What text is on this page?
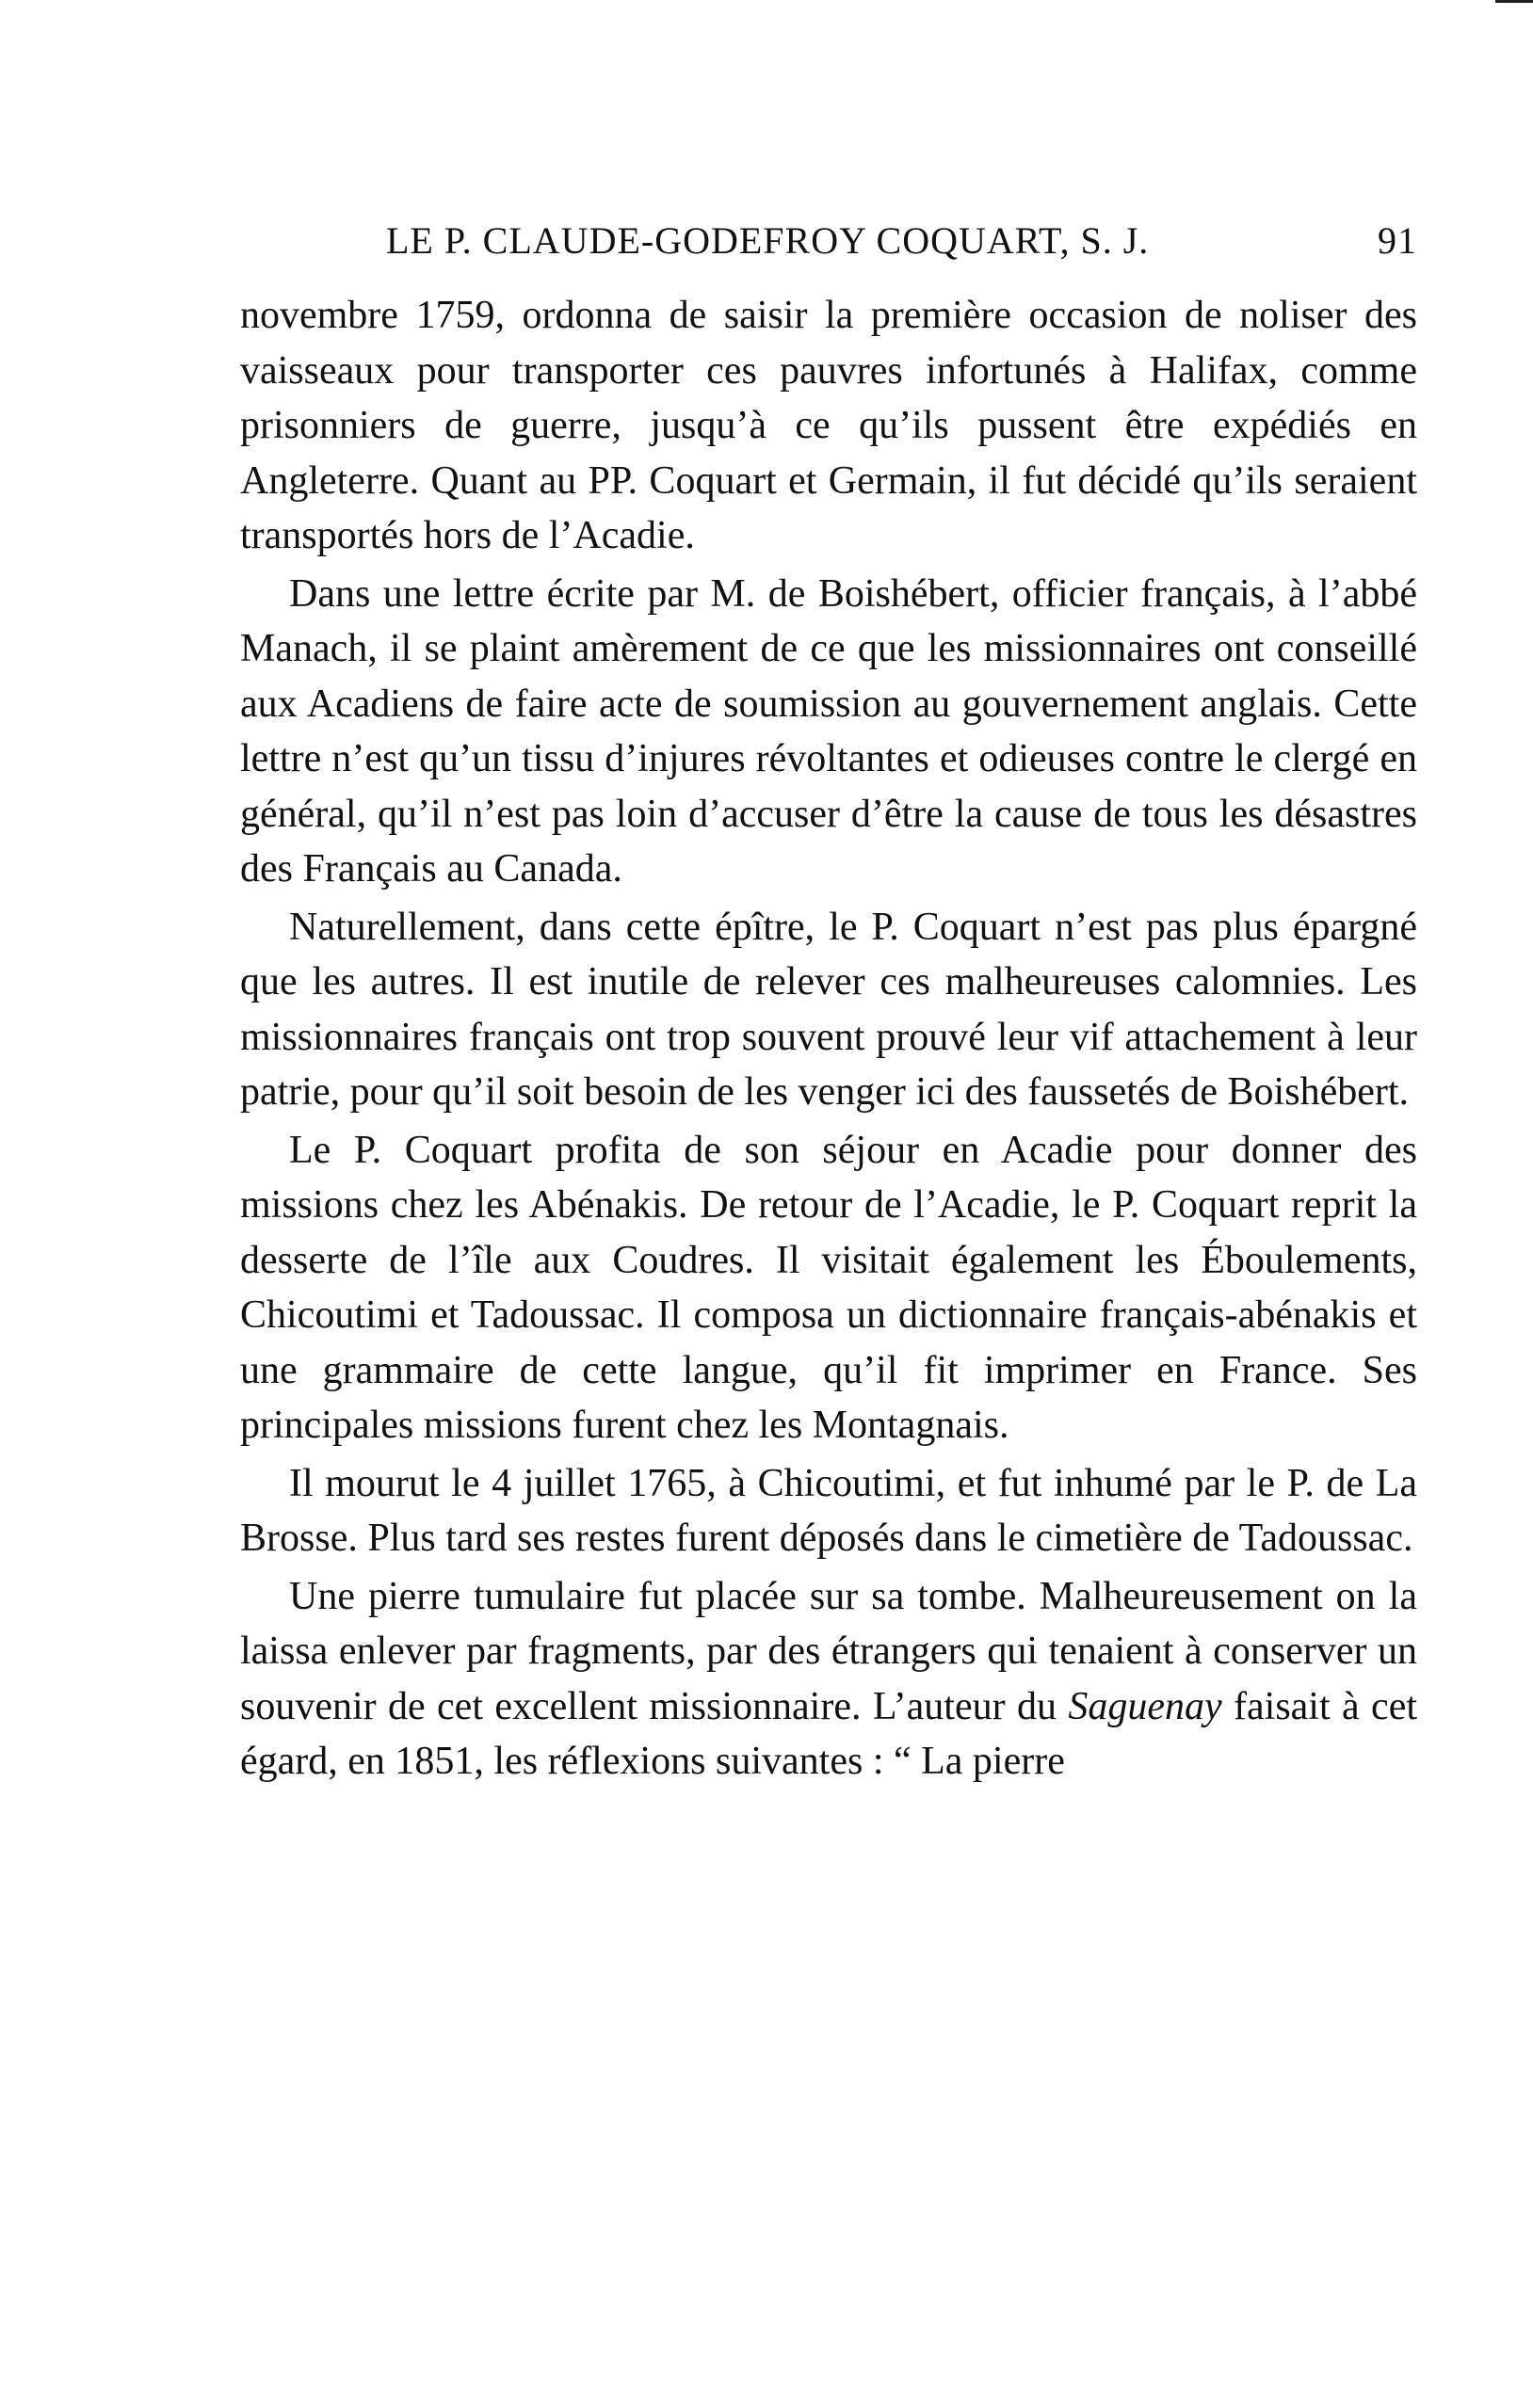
LE P. CLAUDE-GODEFROY COQUART, S. J.	91

novembre 1759, ordonna de saisir la première occasion de noliser des vaisseaux pour transporter ces pauvres infortunés à Halifax, comme prisonniers de guerre, jusqu’à ce qu’ils pussent être expédiés en Angleterre. Quant au PP. Coquart et Germain, il fut décidé qu’ils seraient transportés hors de l’Acadie.

Dans une lettre écrite par M. de Boishébert, officier français, à l’abbé Manach, il se plaint amèrement de ce que les missionnaires ont conseillé aux Acadiens de faire acte de soumission au gouvernement anglais. Cette lettre n’est qu’un tissu d’injures révoltantes et odieuses contre le clergé en général, qu’il n’est pas loin d’accuser d’être la cause de tous les désastres des Français au Canada.

Naturellement, dans cette épître, le P. Coquart n’est pas plus épargné que les autres. Il est inutile de relever ces malheureuses calomnies. Les missionnaires français ont trop souvent prouvé leur vif attachement à leur patrie, pour qu’il soit besoin de les venger ici des faussetés de Boishébert.

Le P. Coquart profita de son séjour en Acadie pour donner des missions chez les Abénakis. De retour de l’Acadie, le P. Coquart reprit la desserte de l’île aux Coudres. Il visitait également les Éboulements, Chicoutimi et Tadoussac. Il composa un dictionnaire français-abénakis et une grammaire de cette langue, qu’il fit imprimer en France. Ses principales missions furent chez les Montagnais.

Il mourut le 4 juillet 1765, à Chicoutimi, et fut inhumé par le P. de La Brosse. Plus tard ses restes furent déposés dans le cimetière de Tadoussac.

Une pierre tumulaire fut placée sur sa tombe. Malheureusement on la laissa enlever par fragments, par des étrangers qui tenaient à conserver un souvenir de cet excellent missionnaire. L’auteur du Saguenay faisait à cet égard, en 1851, les réflexions suivantes : “ La pierre
